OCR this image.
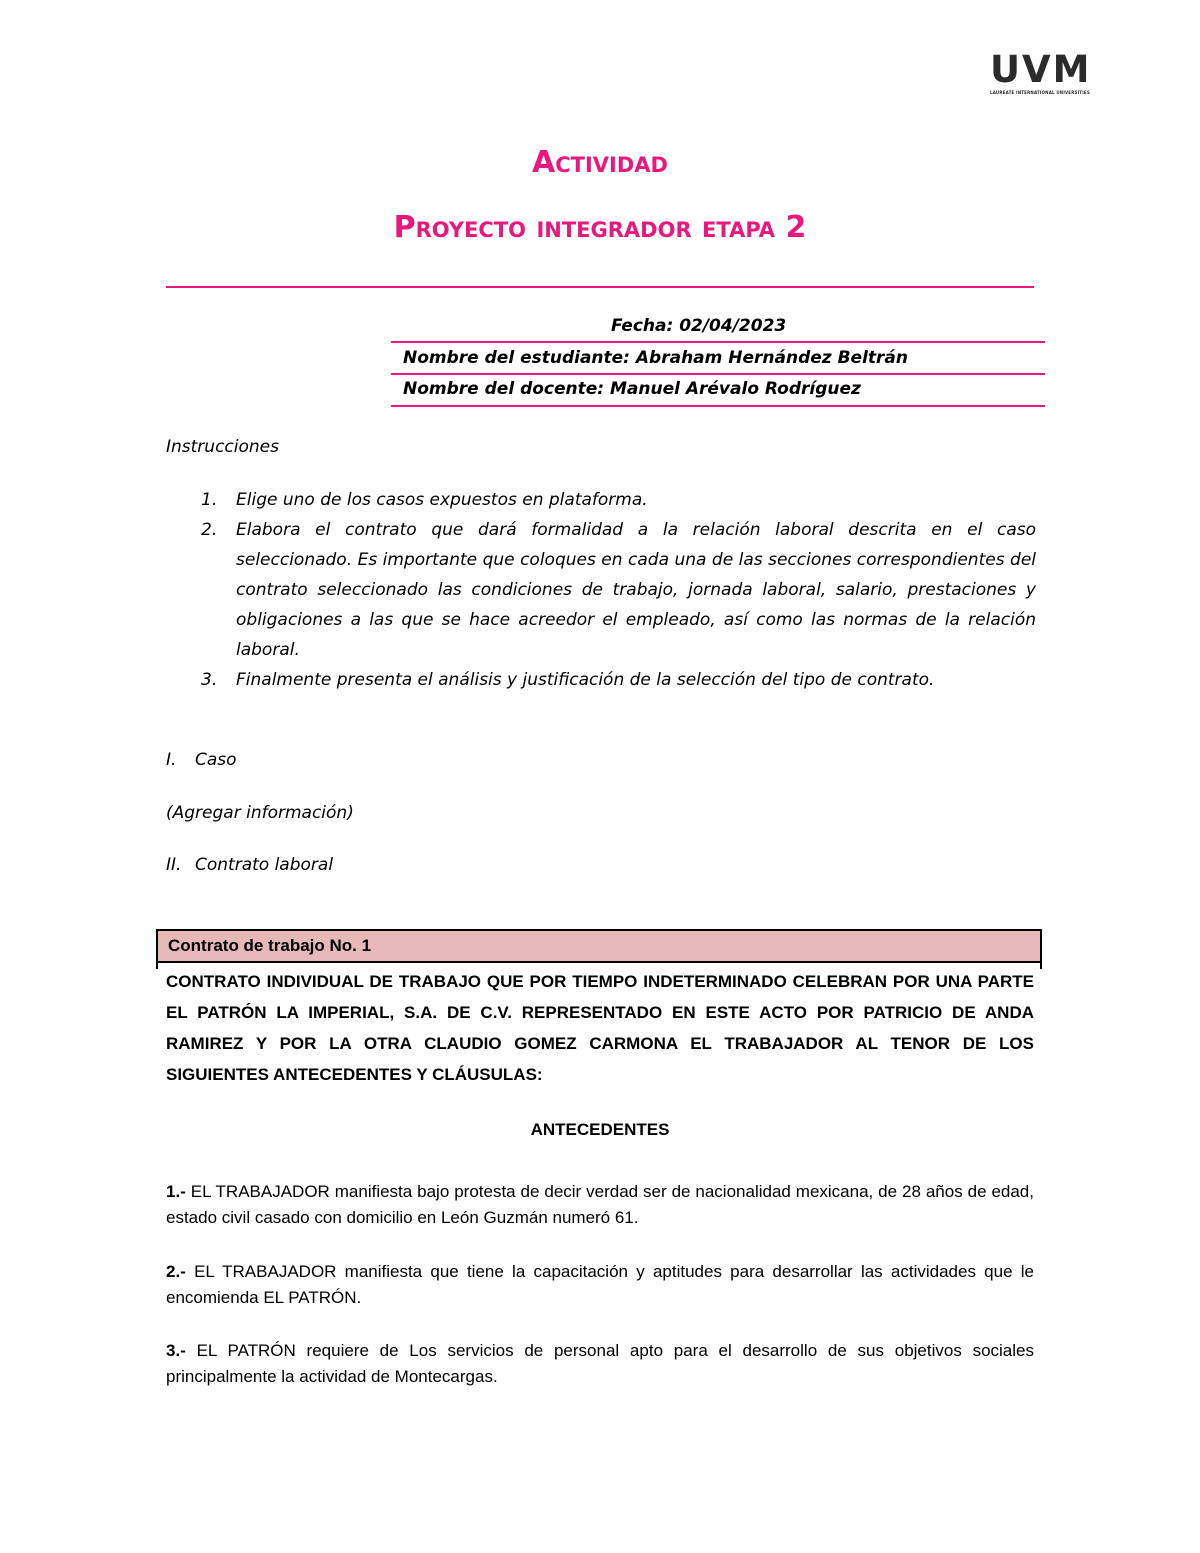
UVM
LAUREATE INTERNATIONAL UNIVERSITIES
Actividad
Proyecto integrador etapa 2
Fecha: 02/04/2023
Nombre del estudiante: Abraham Hernández Beltrán
Nombre del docente: Manuel Arévalo Rodríguez
Instrucciones
1. Elige uno de los casos expuestos en plataforma.
2. Elabora el contrato que dará formalidad a la relación laboral descrita en el caso seleccionado. Es importante que coloques en cada una de las secciones correspondientes del contrato seleccionado las condiciones de trabajo, jornada laboral, salario, prestaciones y obligaciones a las que se hace acreedor el empleado, así como las normas de la relación laboral.
3. Finalmente presenta el análisis y justificación de la selección del tipo de contrato.
I. Caso
(Agregar información)
II. Contrato laboral
Contrato de trabajo No. 1
CONTRATO INDIVIDUAL DE TRABAJO QUE POR TIEMPO INDETERMINADO CELEBRAN POR UNA PARTE EL PATRÓN LA IMPERIAL, S.A. DE C.V. REPRESENTADO EN ESTE ACTO POR PATRICIO DE ANDA RAMIREZ Y POR LA OTRA CLAUDIO GOMEZ CARMONA EL TRABAJADOR AL TENOR DE LOS SIGUIENTES ANTECEDENTES Y CLÁUSULAS:
ANTECEDENTES
1.- EL TRABAJADOR manifiesta bajo protesta de decir verdad ser de nacionalidad mexicana, de 28 años de edad, estado civil casado con domicilio en León Guzmán numeró 61.
2.- EL TRABAJADOR manifiesta que tiene la capacitación y aptitudes para desarrollar las actividades que le encomienda EL PATRÓN.
3.- EL PATRÓN requiere de Los servicios de personal apto para el desarrollo de sus objetivos sociales principalmente la actividad de Montecargas.
